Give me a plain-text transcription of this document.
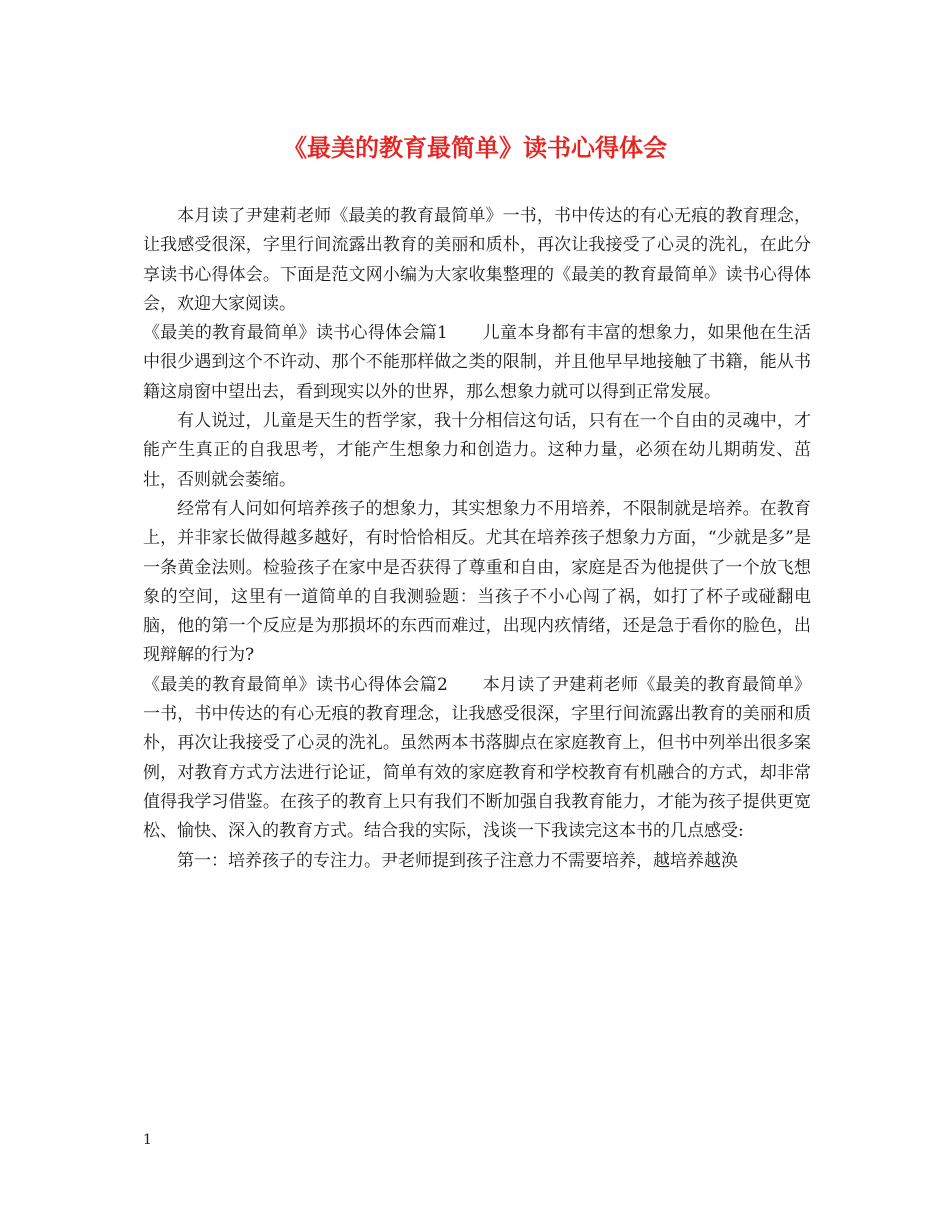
《最美的教育最简单》读书心得体会

本月读了尹建莉老师《最美的教育最简单》一书，书中传达的有心无痕的教育理念，让我感受很深，字里行间流露出教育的美丽和质朴，再次让我接受了心灵的洗礼，在此分享读书心得体会。下面是范文网小编为大家收集整理的《最美的教育最简单》读书心得体会，欢迎大家阅读。

《最美的教育最简单》读书心得体会篇1　　儿童本身都有丰富的想象力，如果他在生活中很少遇到这个不许动、那个不能那样做之类的限制，并且他早早地接触了书籍，能从书籍这扇窗中望出去，看到现实以外的世界，那么想象力就可以得到正常发展。

有人说过，儿童是天生的哲学家，我十分相信这句话，只有在一个自由的灵魂中，才能产生真正的自我思考，才能产生想象力和创造力。这种力量，必须在幼儿期萌发、茁壮，否则就会萎缩。

经常有人问如何培养孩子的想象力，其实想象力不用培养，不限制就是培养。在教育上，并非家长做得越多越好，有时恰恰相反。尤其在培养孩子想象力方面，“少就是多”是一条黄金法则。检验孩子在家中是否获得了尊重和自由，家庭是否为他提供了一个放飞想象的空间，这里有一道简单的自我测验题：当孩子不小心闯了祸，如打了杯子或碰翻电脑，他的第一个反应是为那损坏的东西而难过，出现内疚情绪，还是急于看你的脸色，出现辩解的行为?

《最美的教育最简单》读书心得体会篇2　　本月读了尹建莉老师《最美的教育最简单》一书，书中传达的有心无痕的教育理念，让我感受很深，字里行间流露出教育的美丽和质朴，再次让我接受了心灵的洗礼。虽然两本书落脚点在家庭教育上，但书中列举出很多案例，对教育方式方法进行论证，简单有效的家庭教育和学校教育有机融合的方式，却非常值得我学习借鉴。在孩子的教育上只有我们不断加强自我教育能力，才能为孩子提供更宽松、愉快、深入的教育方式。结合我的实际，浅谈一下我读完这本书的几点感受:

第一：培养孩子的专注力。尹老师提到孩子注意力不需要培养，越培养越涣

1
